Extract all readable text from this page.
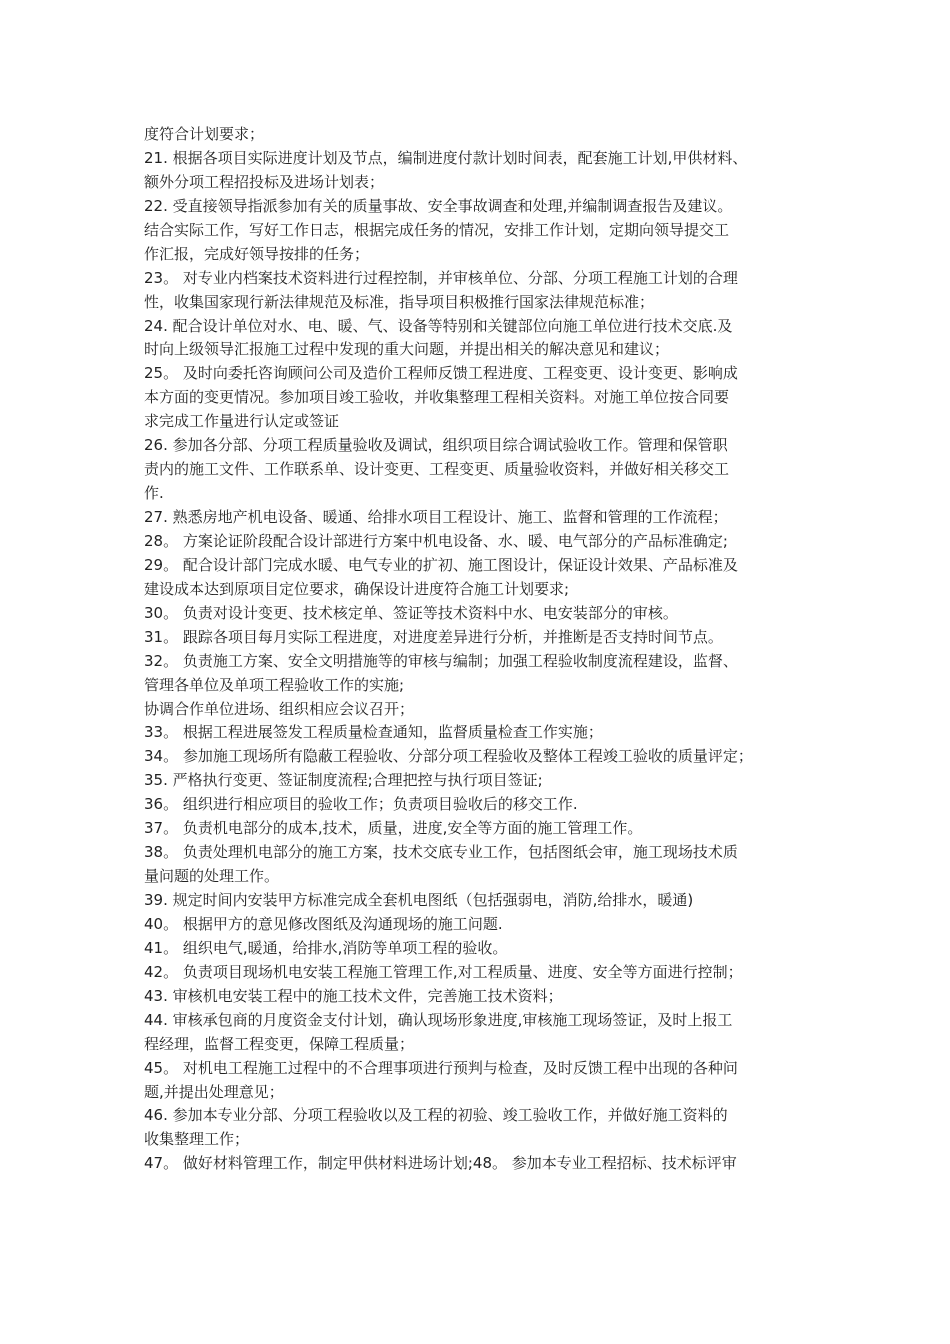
度符合计划要求；
21. 根据各项目实际进度计划及节点，编制进度付款计划时间表，配套施工计划,甲供材料、
额外分项工程招投标及进场计划表；
22. 受直接领导指派参加有关的质量事故、安全事故调查和处理,并编制调查报告及建议。
结合实际工作，写好工作日志，根据完成任务的情况，安排工作计划，定期向领导提交工
作汇报，完成好领导按排的任务；
23。 对专业内档案技术资料进行过程控制，并审核单位、分部、分项工程施工计划的合理
性，收集国家现行新法律规范及标准，指导项目积极推行国家法律规范标准；
24. 配合设计单位对水、电、暖、气、设备等特别和关键部位向施工单位进行技术交底.及
时向上级领导汇报施工过程中发现的重大问题，并提出相关的解决意见和建议；
25。 及时向委托咨询顾问公司及造价工程师反馈工程进度、工程变更、设计变更、影响成
本方面的变更情况。参加项目竣工验收，并收集整理工程相关资料。对施工单位按合同要
求完成工作量进行认定或签证
26. 参加各分部、分项工程质量验收及调试，组织项目综合调试验收工作。管理和保管职
责内的施工文件、工作联系单、设计变更、工程变更、质量验收资料，并做好相关移交工
作.
27. 熟悉房地产机电设备、暖通、给排水项目工程设计、施工、监督和管理的工作流程；
28。 方案论证阶段配合设计部进行方案中机电设备、水、暖、电气部分的产品标准确定;
29。 配合设计部门完成水暖、电气专业的扩初、施工图设计，保证设计效果、产品标准及
建设成本达到原项目定位要求，确保设计进度符合施工计划要求;
30。 负责对设计变更、技术核定单、签证等技术资料中水、电安装部分的审核。
31。 跟踪各项目每月实际工程进度，对进度差异进行分析，并推断是否支持时间节点。
32。 负责施工方案、安全文明措施等的审核与编制；加强工程验收制度流程建设，监督、
管理各单位及单项工程验收工作的实施;
协调合作单位进场、组织相应会议召开；
33。 根据工程进展签发工程质量检查通知，监督质量检查工作实施；
34。 参加施工现场所有隐蔽工程验收、分部分项工程验收及整体工程竣工验收的质量评定；
35. 严格执行变更、签证制度流程;合理把控与执行项目签证;
36。 组织进行相应项目的验收工作；负责项目验收后的移交工作.
37。 负责机电部分的成本,技术，质量，进度,安全等方面的施工管理工作。
38。 负责处理机电部分的施工方案，技术交底专业工作，包括图纸会审，施工现场技术质
量问题的处理工作。
39. 规定时间内安装甲方标准完成全套机电图纸（包括强弱电，消防,给排水，暖通)
40。 根据甲方的意见修改图纸及沟通现场的施工问题.
41。 组织电气,暖通，给排水,消防等单项工程的验收。
42。 负责项目现场机电安装工程施工管理工作,对工程质量、进度、安全等方面进行控制；
43. 审核机电安装工程中的施工技术文件，完善施工技术资料；
44. 审核承包商的月度资金支付计划，确认现场形象进度,审核施工现场签证，及时上报工
程经理，监督工程变更，保障工程质量；
45。 对机电工程施工过程中的不合理事项进行预判与检查，及时反馈工程中出现的各种问
题,并提出处理意见；
46. 参加本专业分部、分项工程验收以及工程的初验、竣工验收工作，并做好施工资料的
收集整理工作；
47。 做好材料管理工作，制定甲供材料进场计划;48。 参加本专业工程招标、技术标评审
